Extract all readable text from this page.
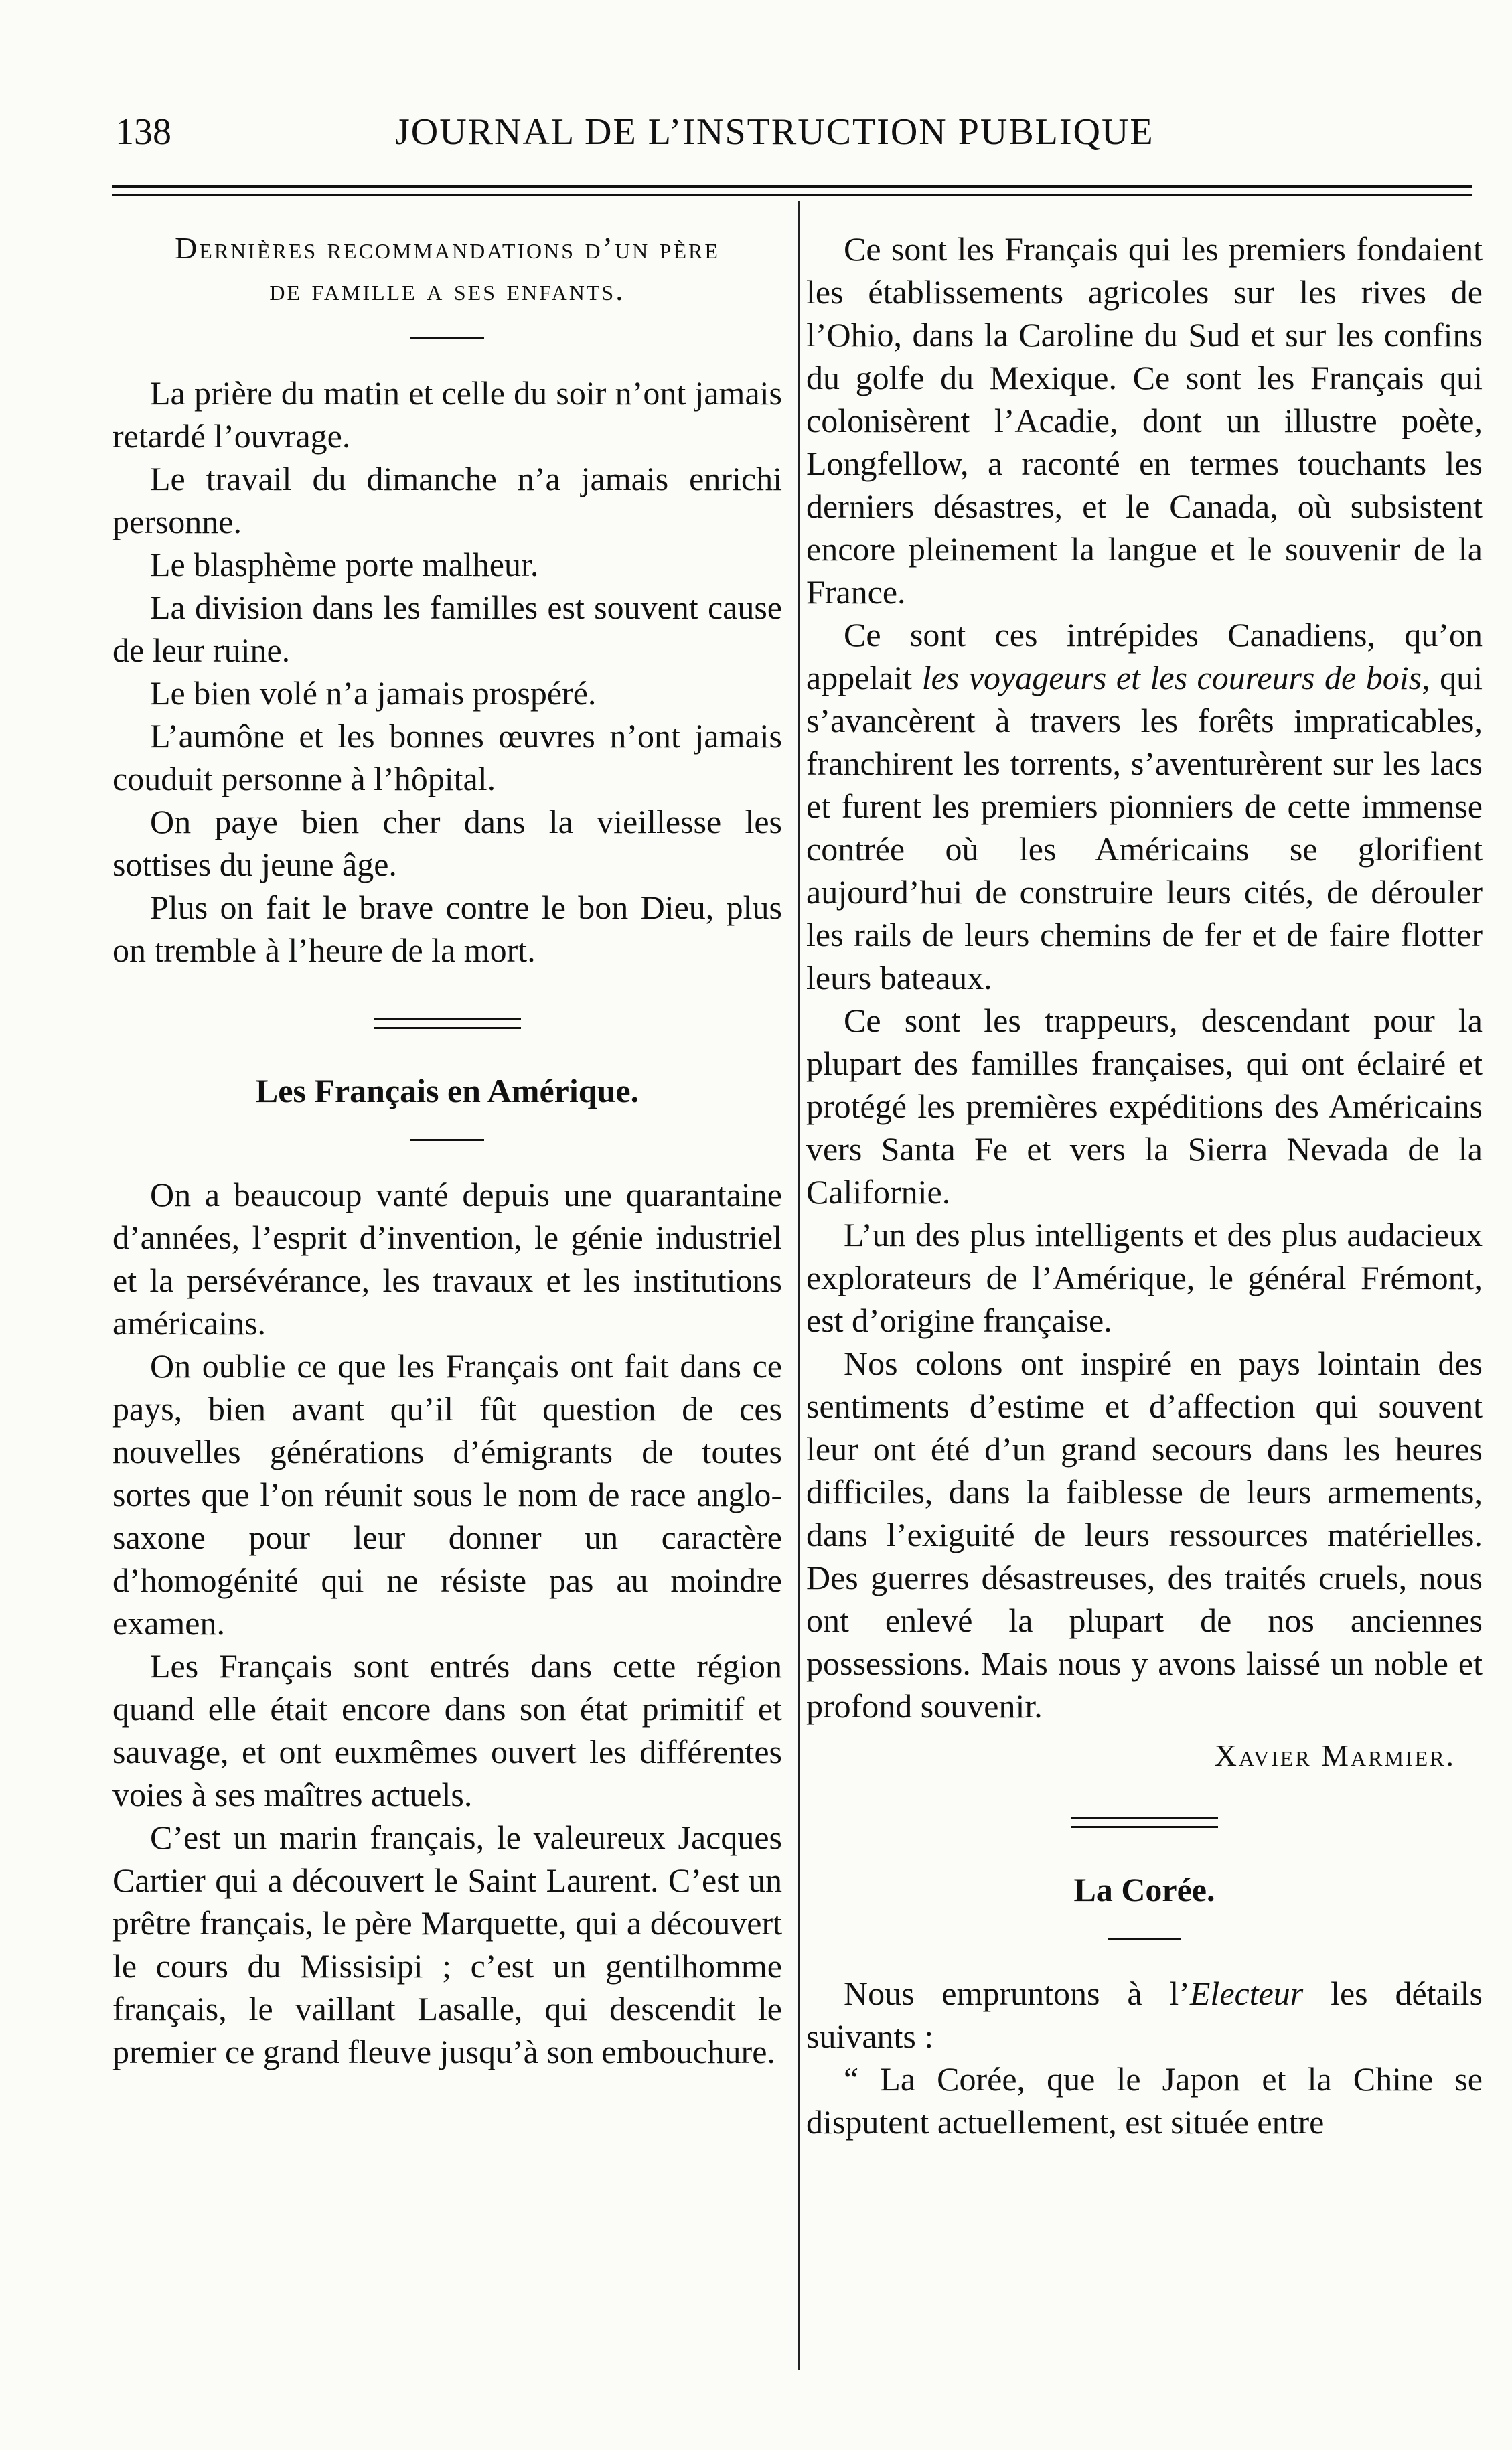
138	JOURNAL DE L’INSTRUCTION PUBLIQUE
Dernières recommandations d’un père
de famille a ses enfants.

La prière du matin et celle du soir n’ont jamais retardé l’ouvrage.

Le travail du dimanche n’a jamais enrichi personne.

Le blasphème porte malheur.

La division dans les familles est souvent cause de leur ruine.

Le bien volé n’a jamais prospéré.

L’aumône et les bonnes œuvres n’ont jamais couduit personne à l’hôpital.

On paye bien cher dans la vieillesse les sottises du jeune âge.

Plus on fait le brave contre le bon Dieu, plus on tremble à l’heure de la mort.

Les Français en Amérique.

On a beaucoup vanté depuis une quarantaine d’années, l’esprit d’invention, le génie industriel et la persévérance, les travaux et les institutions américains.

On oublie ce que les Français ont fait dans ce pays, bien avant qu’il fût question de ces nouvelles générations d’émigrants de toutes sortes que l’on réunit sous le nom de race anglo-saxone pour leur donner un caractère d’homogénité qui ne résiste pas au moindre examen.

Les Français sont entrés dans cette région quand elle était encore dans son état primitif et sauvage, et ont euxmêmes ouvert les différentes voies à ses maîtres actuels.

C’est un marin français, le valeureux Jacques Cartier qui a découvert le Saint Laurent. C’est un prêtre français, le père Marquette, qui a découvert le cours du Missisipi ; c’est un gentilhomme français, le vaillant Lasalle, qui descendit le premier ce grand fleuve jusqu’à son embouchure.

Ce sont les Français qui les premiers fondaient les établissements agricoles sur les rives de l’Ohio, dans la Caroline du Sud et sur les confins du golfe du Mexique. Ce sont les Français qui colonisèrent l’Acadie, dont un illustre poète, Longfellow, a raconté en termes touchants les derniers désastres, et le Canada, où subsistent encore pleinement la langue et le souvenir de la France.

Ce sont ces intrépides Canadiens, qu’on appelait les voyageurs et les coureurs de bois, qui s’avancèrent à travers les forêts impraticables, franchirent les torrents, s’aventurèrent sur les lacs et furent les premiers pionniers de cette immense contrée où les Américains se glorifient aujourd’hui de construire leurs cités, de dérouler les rails de leurs chemins de fer et de faire flotter leurs bateaux.

Ce sont les trappeurs, descendant pour la plupart des familles françaises, qui ont éclairé et protégé les premières expéditions des Américains vers Santa Fe et vers la Sierra Nevada de la Californie.

L’un des plus intelligents et des plus audacieux explorateurs de l’Amérique, le général Frémont, est d’origine française.

Nos colons ont inspiré en pays lointain des sentiments d’estime et d’affection qui souvent leur ont été d’un grand secours dans les heures difficiles, dans la faiblesse de leurs armements, dans l’exiguité de leurs ressources matérielles. Des guerres désastreuses, des traités cruels, nous ont enlevé la plupart de nos anciennes possessions. Mais nous y avons laissé un noble et profond souvenir.

Xavier Marmier.
La Corée.

Nous empruntons à l’Electeur les détails suivants :

“ La Corée, que le Japon et la Chine se disputent actuellement, est située entre
